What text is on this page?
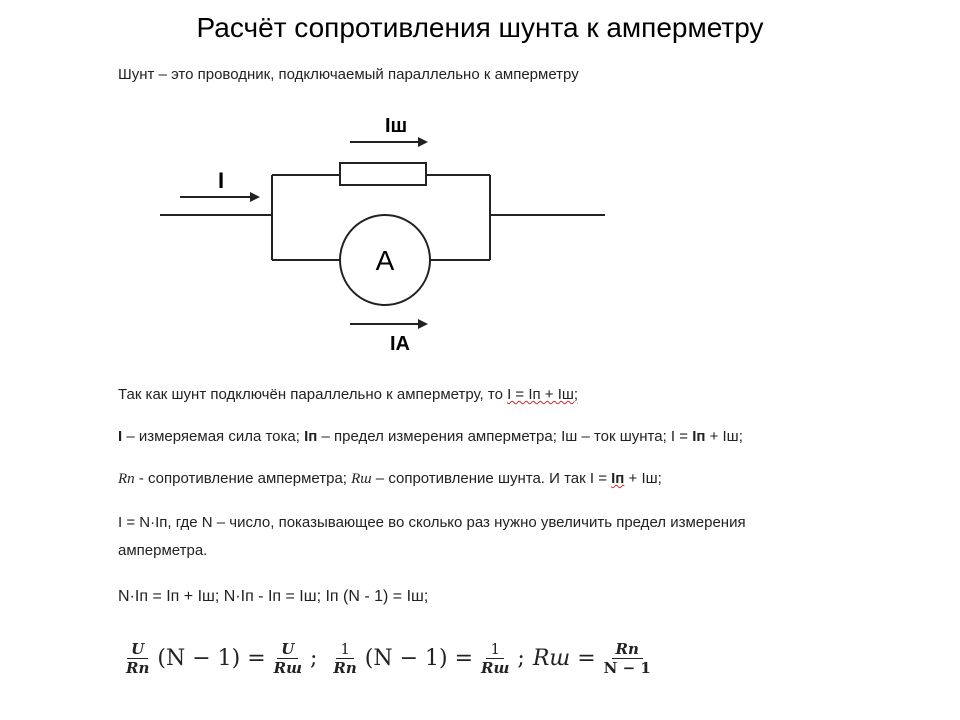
Расчёт сопротивления шунта к амперметру
Шунт – это проводник, подключаемый параллельно к амперметру
A
I
Iш
IA
Так как шунт подключён параллельно к амперметру, то I = Iп + Iш;
I – измеряемая сила тока; Iп – предел измерения амперметра; Iш – ток шунта; I = Iп + Iш;
Rп - сопротивление амперметра; Rш – сопротивление шунта. И так I = Iп + Iш;
I = N·Iп, где N – число, показывающее во сколько раз нужно увеличить предел измерения
амперметра.
N·Iп = Iп + Iш; N·Iп - Iп = Iш; Iп (N - 1) = Iш;
$\frac{U}{Rп} (N - 1) = \frac{U}{Rш}$ ; $\frac{1}{Rп} (N - 1) = \frac{1}{Rш}$ ; Rш = $\frac{Rп}{N - 1}$
